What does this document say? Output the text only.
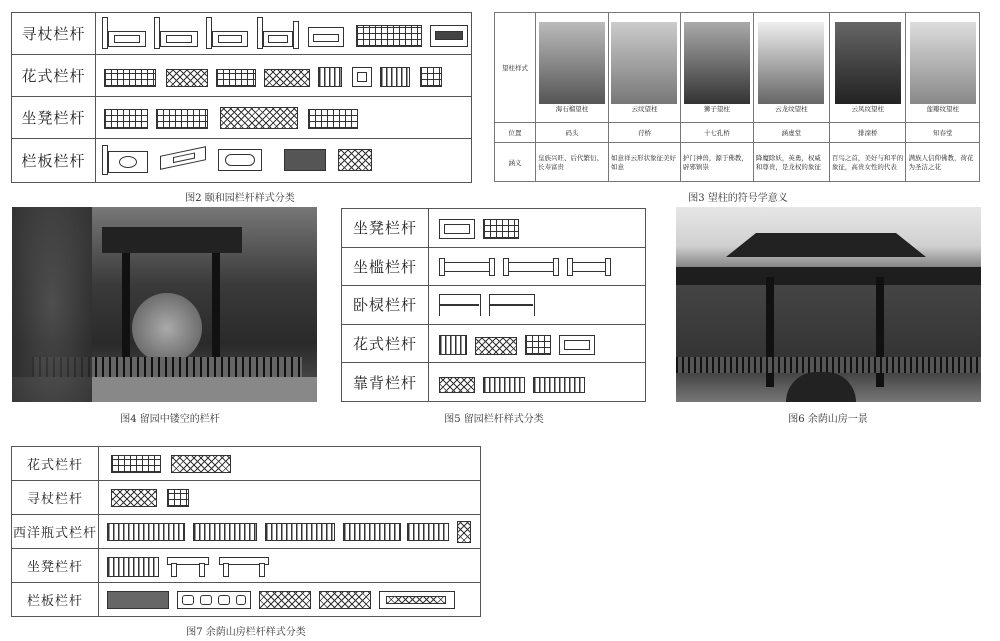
寻杖栏杆	

花式栏杆	

坐凳栏杆	

栏板栏杆	
图2 颐和园栏杆样式分类
望柱样式	海石榴望柱	云纹望柱	狮子望柱	云龙纹望柱	云凤纹望柱	莲瓣纹望柱

位置	码头	荇桥	十七孔桥	涵虚堂	排滦桥	知春堂
涵义	皇族兴旺、后代繁衍、长寿富贵	如意祥云形状象征美好如意	护门神兽，源于佛教，辟邪镇祟	降魔除妖，英勇，权威和尊贵，是龙权的象征	百鸟之首，美好与和平的象征，高贵女性的代表	满族人信仰佛教，荷花为圣洁之花
图3 望柱的符号学意义
图4 留园中镂空的栏杆
坐凳栏杆	

坐槛栏杆	

卧棂栏杆	

花式栏杆	

靠背栏杆	
图5 留园栏杆样式分类	图6 余荫山房一景
花式栏杆	

寻杖栏杆	

西洋瓶式栏杆	

坐凳栏杆	

栏板栏杆	
图7 余荫山房栏杆样式分类
